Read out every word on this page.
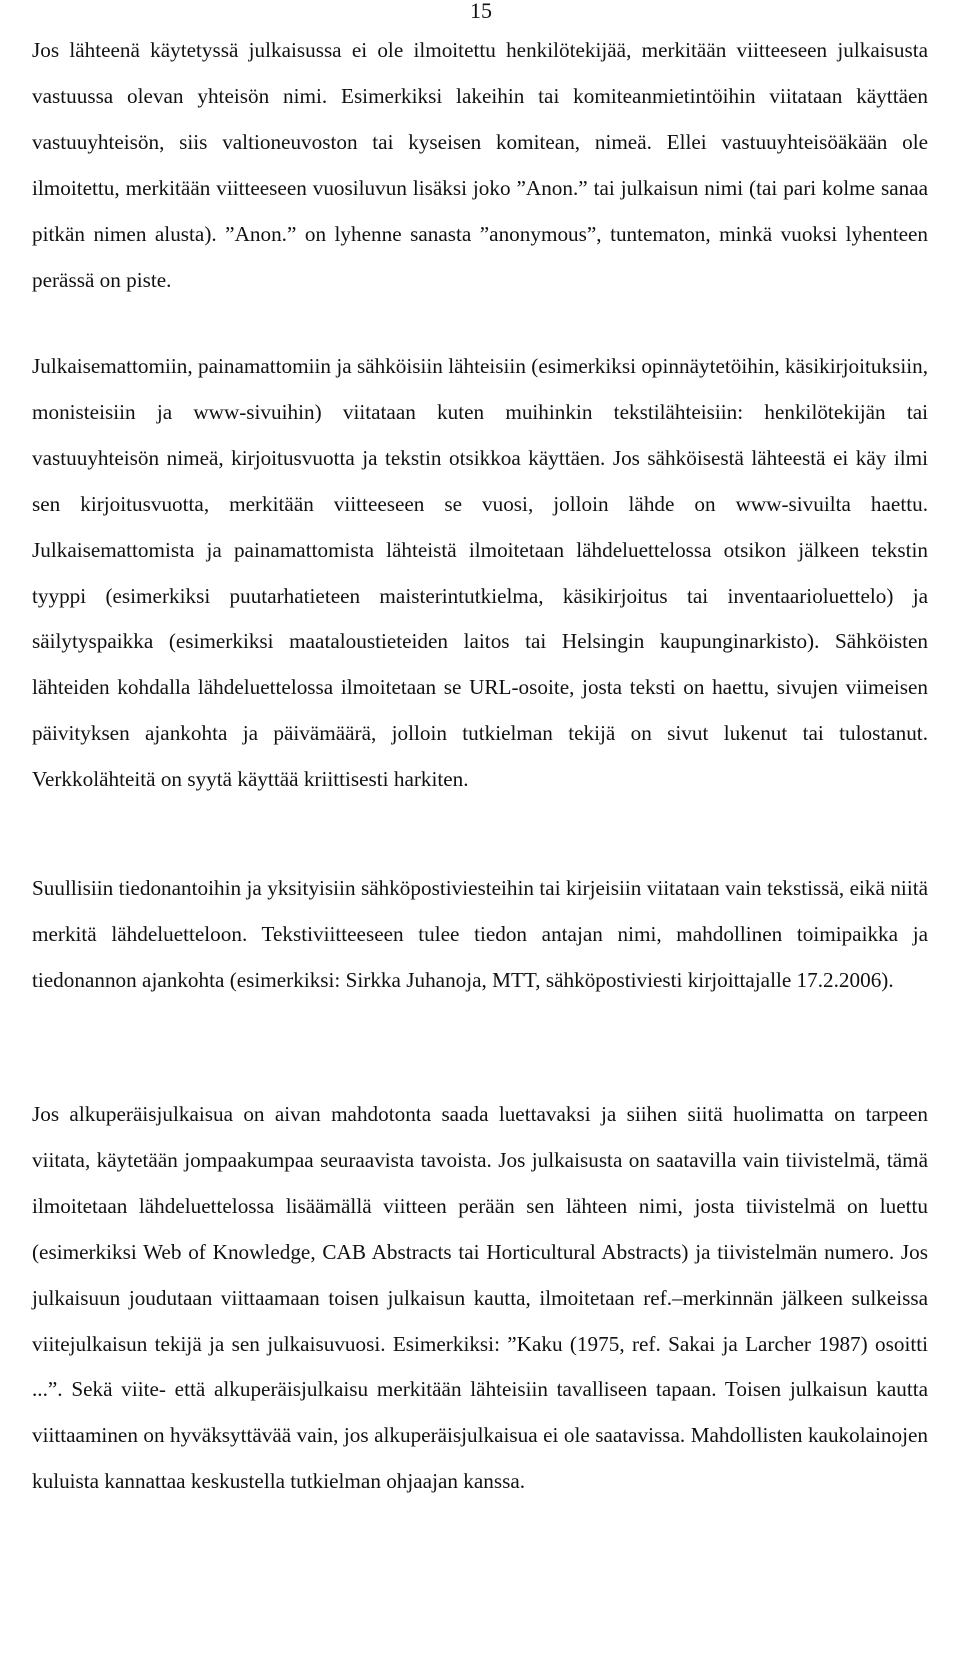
15

Jos lähteenä käytetyssä julkaisussa ei ole ilmoitettu henkilötekijää, merkitään viitteeseen julkaisusta vastuussa olevan yhteisön nimi. Esimerkiksi lakeihin tai komiteanmietintöihin viitataan käyttäen vastuuyhteisön, siis valtioneuvoston tai kyseisen komitean, nimeä. Ellei vastuuyhteisöäkään ole ilmoitettu, merkitään viitteeseen vuosiluvun lisäksi joko ”Anon.” tai julkaisun nimi (tai pari kolme sanaa pitkän nimen alusta). ”Anon.” on lyhenne sanasta ”anonymous”, tuntematon, minkä vuoksi lyhenteen perässä on piste.

Julkaisemattomiin, painamattomiin ja sähköisiin lähteisiin (esimerkiksi opinnäytetöihin, käsikirjoituksiin, monisteisiin ja www-sivuihin) viitataan kuten muihinkin tekstilähteisiin: henkilötekijän tai vastuuyhteisön nimeä, kirjoitusvuotta ja tekstin otsikkoa käyttäen. Jos sähköisestä lähteestä ei käy ilmi sen kirjoitusvuotta, merkitään viitteeseen se vuosi, jolloin lähde on www-sivuilta haettu. Julkaisemattomista ja painamattomista lähteistä ilmoitetaan lähdeluettelossa otsikon jälkeen tekstin tyyppi (esimerkiksi puutarhatieteen maisterintutkielma, käsikirjoitus tai inventaarioluettelo) ja säilytyspaikka (esimerkiksi maataloustieteiden laitos tai Helsingin kaupunginarkisto). Sähköisten lähteiden kohdalla lähdeluettelossa ilmoitetaan se URL-osoite, josta teksti on haettu, sivujen viimeisen päivityksen ajankohta ja päivämäärä, jolloin tutkielman tekijä on sivut lukenut tai tulostanut. Verkkolähteitä on syytä käyttää kriittisesti harkiten.

Suullisiin tiedonantoihin ja yksityisiin sähköpostiviesteihin tai kirjeisiin viitataan vain tekstissä, eikä niitä merkitä lähdeluetteloon. Tekstiviitteeseen tulee tiedon antajan nimi, mahdollinen toimipaikka ja tiedonannon ajankohta (esimerkiksi: Sirkka Juhanoja, MTT, sähköpostiviesti kirjoittajalle 17.2.2006).

Jos alkuperäisjulkaisua on aivan mahdotonta saada luettavaksi ja siihen siitä huolimatta on tarpeen viitata, käytetään jompaakumpaa seuraavista tavoista. Jos julkaisusta on saatavilla vain tiivistelmä, tämä ilmoitetaan lähdeluettelossa lisäämällä viitteen perään sen lähteen nimi, josta tiivistelmä on luettu (esimerkiksi Web of Knowledge, CAB Abstracts tai Horticultural Abstracts) ja tiivistelmän numero. Jos julkaisuun joudutaan viittaamaan toisen julkaisun kautta, ilmoitetaan ref.–merkinnän jälkeen sulkeissa viitejulkaisun tekijä ja sen julkaisuvuosi. Esimerkiksi: ”Kaku (1975, ref. Sakai ja Larcher 1987) osoitti ...”. Sekä viite- että alkuperäisjulkaisu merkitään lähteisiin tavalliseen tapaan. Toisen julkaisun kautta viittaaminen on hyväksyttävää vain, jos alkuperäisjulkaisua ei ole saatavissa. Mahdollisten kaukolainojen kuluista kannattaa keskustella tutkielman ohjaajan kanssa.
